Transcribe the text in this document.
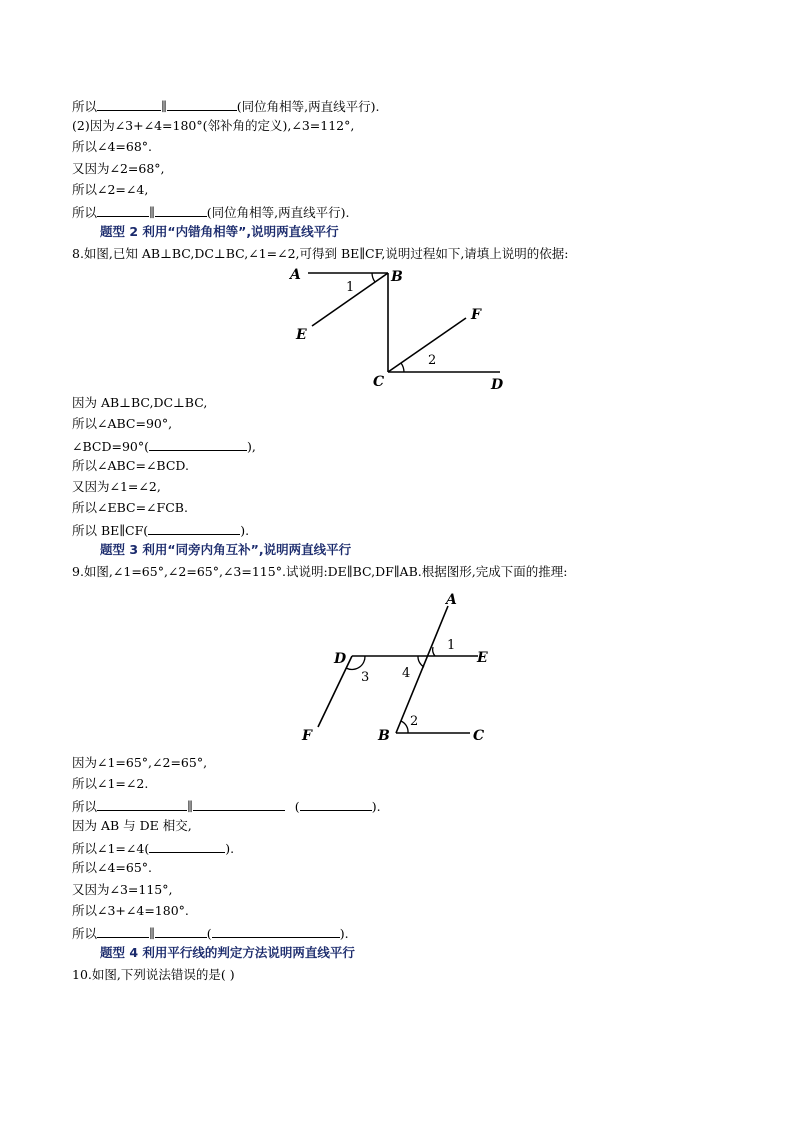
所以	∥	(同位角相等,两直线平行).
(2)因为∠3+∠4=180°(邻补角的定义),∠3=112°,
所以∠4=68°.
又因为∠2=68°,
所以∠2=∠4,
所以	∥	(同位角相等,两直线平行).
题型 2 利用“内错角相等”,说明两直线平行
8.如图,已知 AB⊥BC,DC⊥BC,∠1=∠2,可得到 BE∥CF,说明过程如下,请填上说明的依据:
A	B
C	D
E
F
1
2
因为 AB⊥BC,DC⊥BC,
所以∠ABC=90°,
∠BCD=90°(	),
所以∠ABC=∠BCD.
又因为∠1=∠2,
所以∠EBC=∠FCB.
所以 BE∥CF(	).
题型 3 利用“同旁内角互补”,说明两直线平行
9.如图,∠1=65°,∠2=65°,∠3=115°.试说明:DE∥BC,DF∥AB.根据图形,完成下面的推理:
A
B	C
D	E
F
1
2
3	4
因为∠1=65°,∠2=65°,
所以∠1=∠2.
所以	∥	(	).
因为 AB 与 DE 相交,
所以∠1=∠4(	).
所以∠4=65°.
又因为∠3=115°,
所以∠3+∠4=180°.
所以	∥	(	).
题型 4 利用平行线的判定方法说明两直线平行
10.如图,下列说法错误的是( )
